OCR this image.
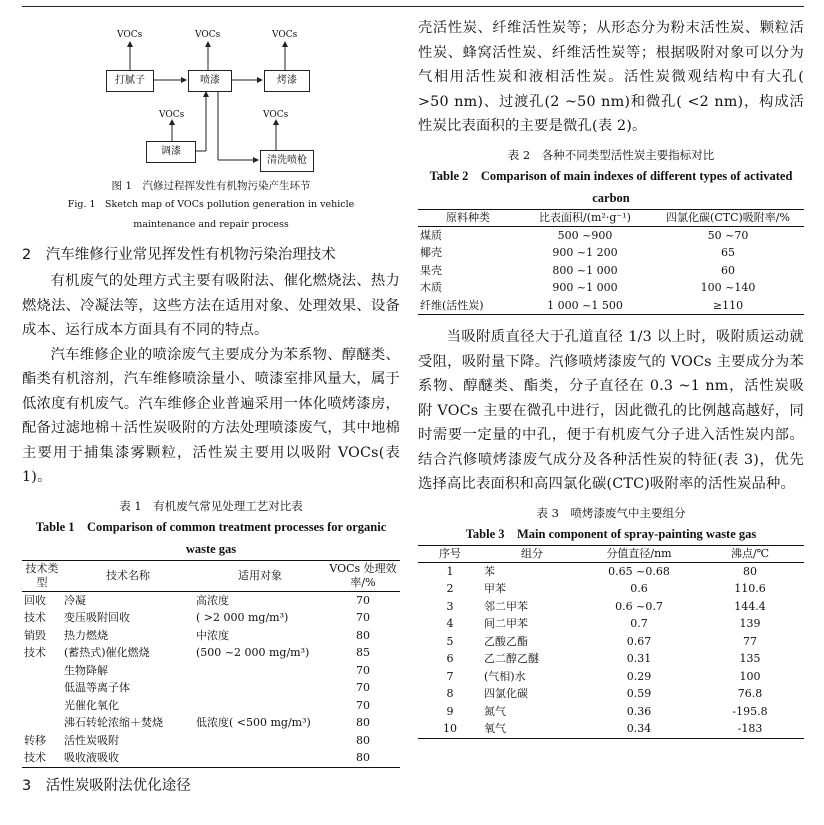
VOCs	VOCs	VOCs
VOCs	VOCs
打腻子	喷漆	烤漆
调漆
清洗喷枪
图 1　汽修过程挥发性有机物污染产生环节
Fig. 1　Sketch map of VOCs pollution generation in vehicle maintenance and repair process
2　汽车维修行业常见挥发性有机物污染治理技术

有机废气的处理方式主要有吸附法、催化燃烧法、热力燃烧法、冷凝法等，这些方法在适用对象、处理效果、设备成本、运行成本方面具有不同的特点。

汽车维修企业的喷涂废气主要成分为苯系物、醇醚类、酯类有机溶剂，汽车维修喷涂量小、喷漆室排风量大，属于低浓度有机废气。汽车维修企业普遍采用一体化喷烤漆房，配备过滤地棉＋活性炭吸附的方法处理喷漆废气，其中地棉主要用于捕集漆雾颗粒，活性炭主要用以吸附 VOCs(表 1)。

表 1　有机废气常见处理工艺对比表
Table 1　Comparison of common treatment processes for organic waste gas
技术类型	技术名称	适用对象	VOCs 处理效率/%
回收	冷凝	高浓度	70
技术	变压吸附回收	( >2 000 mg/m³)	70
销毁	热力燃烧	中浓度	80
技术	(蓄热式)催化燃烧	(500 ~2 000 mg/m³)	85
	生物降解		70
	低温等离子体		70
	光催化氧化		70
	沸石转轮浓缩＋焚烧	低浓度( <500 mg/m³)	80
转移	活性炭吸附		80
技术	吸收液吸收		80
3　活性炭吸附法优化途径

壳活性炭、纤维活性炭等；从形态分为粉末活性炭、颗粒活性炭、蜂窝活性炭、纤维活性炭等；根据吸附对象可以分为气相用活性炭和液相活性炭。活性炭微观结构中有大孔( >50 nm)、过渡孔(2 ~50 nm)和微孔( <2 nm)，构成活性炭比表面积的主要是微孔(表 2)。

表 2　各种不同类型活性炭主要指标对比
Table 2　Comparison of main indexes of different types of activated carbon
原料种类	比表面积/(m²·g⁻¹)	四氯化碳(CTC)吸附率/%
煤质	500 ~900	50 ~70
椰壳	900 ~1 200	65
果壳	800 ~1 000	60
木质	900 ~1 000	100 ~140
纤维(活性炭)	1 000 ~1 500	≥110

当吸附质直径大于孔道直径 1/3 以上时，吸附质运动就受阻，吸附量下降。汽修喷烤漆废气的 VOCs 主要成分为苯系物、醇醚类、酯类，分子直径在 0.3 ~1 nm，活性炭吸附 VOCs 主要在微孔中进行，因此微孔的比例越高越好，同时需要一定量的中孔，便于有机废气分子进入活性炭内部。结合汽修喷烤漆废气成分及各种活性炭的特征(表 3)，优先选择高比表面积和高四氯化碳(CTC)吸附率的活性炭品种。

表 3　喷烤漆废气中主要组分
Table 3　Main component of spray-painting waste gas
序号	组分	分值直径/nm	沸点/℃
1	苯	0.65 ~0.68	80
2	甲苯	0.6	110.6
3	邻二甲苯	0.6 ~0.7	144.4
4	间二甲苯	0.7	139
5	乙酸乙酯	0.67	77
6	乙二醇乙醚	0.31	135
7	(气相)水	0.29	100
8	四氯化碳	0.59	76.8
9	氮气	0.36	-195.8
10	氧气	0.34	-183
